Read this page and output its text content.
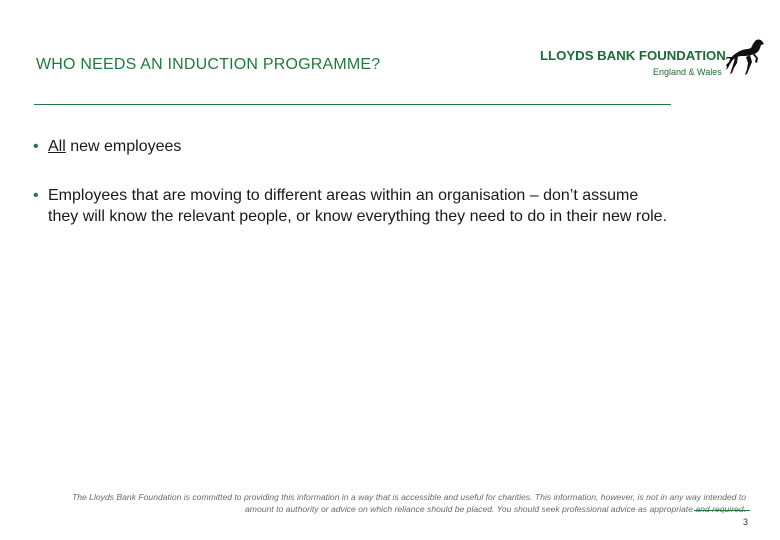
WHO NEEDS AN INDUCTION PROGRAMME?
LLOYDS BANK FOUNDATION
England & Wales
• All new employees
• Employees that are moving to different areas within an organisation – don’t assume they will know the relevant people, or know everything they need to do in their new role.
The Lloyds Bank Foundation is committed to providing this information in a way that is accessible and useful for charities. This information, however, is not in any way intended to
amount to authority or advice on which reliance should be placed. You should seek professional advice as appropriate and required.
3
